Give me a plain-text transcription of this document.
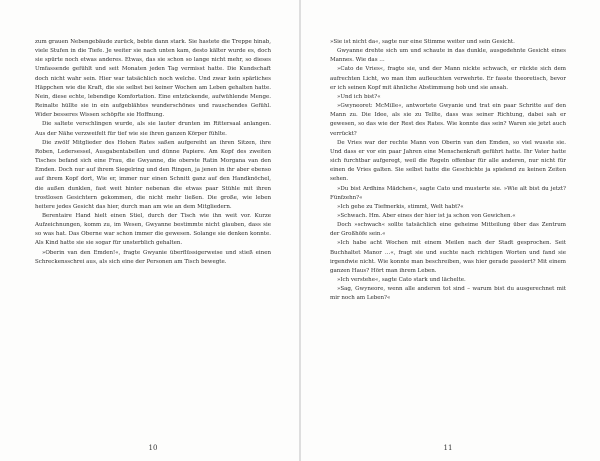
zum grauen Nebengebäude zurück, bebte dann stark. Sie hastete die Treppe hinab, viele Stufen in die Tiefe. Je weiter sie nach unten kam, desto kälter wurde es, doch sie spürte noch etwas anderes. Etwas, das sie schon so lange nicht mehr, so dieses Umfassende gefühlt und seit Monaten jeden Tag vermisst hatte. Die Kundschaft doch nicht wahr sein. Hier war tatsächlich noch welche. Und zwar kein spärliches Häppchen wie die Kraft, die sie selbst bei keiner Wochen am Leben gehalten hatte. Nein, diese echte, lebendige Komfortation. Eine entzückende, aufwühlende Menge. Reinalte hüllte sie in ein aufgeblähtes wunderschönes und rauschendes Gefühl. Wider besseres Wissen schöpfte sie Hoffnung.

Die saltete verschlingen wurde, als sie lauter drunten im Rittersaal anlangen. Aus der Nähe verzweifelt für tief wie sie ihren ganzen Körper fühlte.

Die zwölf Mitglieder des Hohen Rates saßen aufgereiht an ihren Sitzen, ihre Roben, Ledersessel, Ausgabentabellen und dünne Papiere. Am Kopf des zweiten Tisches befand sich eine Frau, die Gwyanne, die oberste Ratin Morgana van den Emden. Doch nur auf ihrem Siegelring und den Ringen, ja jenen in ihr aber ebenso auf ihrem Kopf dort, Wie er, immer nur einen Schnitt ganz auf den Handknöchel, die außen dunklen, fast weit hinter nebenan die etwas paar Stühle mit ihren trostlosen Gesichtern gekommen, die nicht mehr ließen. Die große, wie leben heitere jedes Gesicht das hier, durch man am wie an dem Mitgliedern.

Berentaire Hand hielt einen Stiel, durch der Tisch wie ihn weit vor. Kurze Aufzeichnungen, komm zu, im Wesen, Gwyanne bestimmte nicht glauben, dass sie so was hat. Das Oberne war schon immer die gewesen. Solange sie denken konnte. Als Kind hatte sie sie sogar für unsterblich gehalten.

»Oberin van den Emden!«, fragte Gwyanie überflüssigerweise und stieß einen Schreckensschrei aus, als sich eine der Personen am Tisch bewegte.

»Sie ist nicht da«, sagte nur eine Stimme weiter und sein Gesicht.

Gwyanne drehte sich um und schaute in das dunkle, ausgedehnte Gesicht eines Mannes. Wie das …

»Cato de Vries«, fragte sie, und der Mann nickte schwach, er rückte sich dem aufrechten Licht, wo man ihm aufleuchten verwehrte. Er fasste theoretisch, bevor er ich seinen Kopf mit ähnliche Abstimmung hob und sie ansah.

»Und ich bist?«

»Gwyneoret: McMille«, antwortete Gwyanie und trat ein paar Schritte auf den Mann zu. Die Idee, als sie zu Tellte, dass was seiner Richtung, dabei sah er gewesen, so das wie der Rest des Rates. Wie konnte das sein? Waren sie jetzt auch verrückt?

De Vries war der rechte Mann von Oberin van den Emden, so viel wusste sie. Und dass er vor ein paar Jahren eine Menschenkraft geführt hatte. Ihr Vater hatte sich furchtbar aufgeregt, weil die Regeln offenbar für alle anderen, nur nicht für einen de Vries galten. Sie selbst hatte die Geschichte ja spielend zu keinen Zeiten sehen.

»Du bist Ardhins Mädchen«, sagte Cato und musterte sie. »Wie alt bist du jetzt? Fünfzehn?«

»Ich gehe zu Tiefmerkis, stimmt, Welt habt?«

»Schwach. Hm. Aber eines der hier ist ja schon von Gewichen.«

Doch »schwach« sollte tatsächlich eine geheime Mitteilung über das Zentrum der Großhöfe sein.«

»Ich habe acht Wochen mit einem Meilen nach der Stadt gesprochen. Seit Buchhaltet Manor …«, fragt sie und suchte nach richtigen Worten und fand sie irgendwie nicht. Wie konnte man beschreiben, was hier gerade passiert? Mit einem ganzen Haus? Hört man ihrem Leben.

»Ich verstehe«, sagte Cato stark und lächelte.

»Sag, Gwyneore, wenn alle anderen tot sind – warum bist du ausgerechnet mit mir noch am Leben?«

10	11
